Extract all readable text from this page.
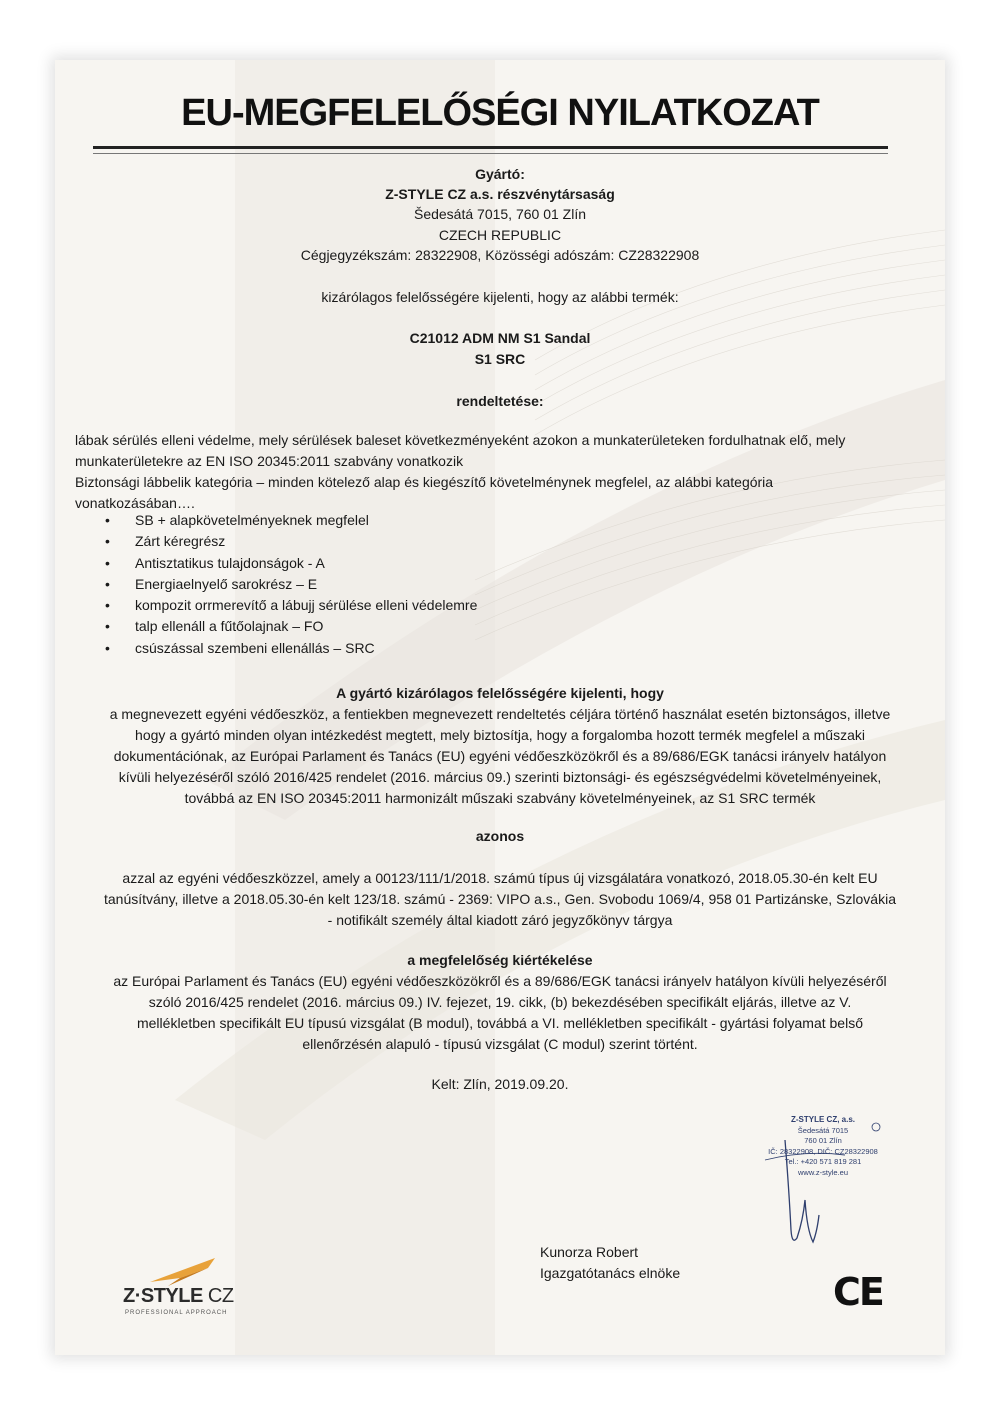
EU-MEGFELELŐSÉGI NYILATKOZAT
Gyártó:
Z-STYLE CZ a.s. részvénytársaság
Šedesátá 7015, 760 01 Zlín
CZECH REPUBLIC
Cégjegyzékszám: 28322908, Közösségi adószám: CZ28322908
kizárólagos felelősségére kijelenti, hogy az alábbi termék:
C21012 ADM NM S1 Sandal
S1 SRC
rendeltetése:
lábak sérülés elleni védelme, mely sérülések baleset következményeként azokon a munkaterületeken fordulhatnak elő, mely
munkaterületekre az EN ISO 20345:2011 szabvány vonatkozik
Biztonsági lábbelik kategória – minden kötelező alap és kiegészítő követelménynek megfelel, az alábbi kategória
vonatkozásában….
• SB + alapkövetelményeknek megfelel
• Zárt kéregrész
• Antisztatikus tulajdonságok - A
• Energiaelnyelő sarokrész – E
• kompozit orrmerevítő a lábujj sérülése elleni védelemre
• talp ellenáll a fűtőolajnak – FO
• csúszással szembeni ellenállás – SRC
A gyártó kizárólagos felelősségére kijelenti, hogy
a megnevezett egyéni védőeszköz, a fentiekben megnevezett rendeltetés céljára történő használat esetén biztonságos, illetve
hogy a gyártó minden olyan intézkedést megtett, mely biztosítja, hogy a forgalomba hozott termék megfelel a műszaki
dokumentációnak, az Európai Parlament és Tanács (EU) egyéni védőeszközökről és a 89/686/EGK tanácsi irányelv hatályon
kívüli helyezéséről szóló 2016/425 rendelet (2016. március 09.) szerinti biztonsági- és egészségvédelmi követelményeinek,
továbbá az EN ISO 20345:2011 harmonizált műszaki szabvány követelményeinek, az S1 SRC termék
azonos
azzal az egyéni védőeszközzel, amely a 00123/111/1/2018. számú típus új vizsgálatára vonatkozó, 2018.05.30-én kelt EU
tanúsítvány, illetve a 2018.05.30-én kelt 123/18. számú - 2369: VIPO a.s., Gen. Svobodu 1069/4, 958 01 Partizánske, Szlovákia
- notifikált személy által kiadott záró jegyzőkönyv tárgya
a megfelelőség kiértékelése
az Európai Parlament és Tanács (EU) egyéni védőeszközökről és a 89/686/EGK tanácsi irányelv hatályon kívüli helyezéséről
szóló 2016/425 rendelet (2016. március 09.) IV. fejezet, 19. cikk, (b) bekezdésében specifikált eljárás, illetve az V.
mellékletben specifikált EU típusú vizsgálat (B modul), továbbá a VI. mellékletben specifikált - gyártási folyamat belső
ellenőrzésén alapuló - típusú vizsgálat (C modul) szerint történt.
Kelt: Zlín, 2019.09.20.
Z-STYLE CZ, a.s.
Šedesátá 7015
760 01 Zlín
IČ: 28322908, DIČ: CZ28322908
Tel.: +420 571 819 281
www.z-style.eu
Kunorza Robert
Igazgatótanács elnöke	CE
Z·STYLE CZ
PROFESSIONAL APPROACH
